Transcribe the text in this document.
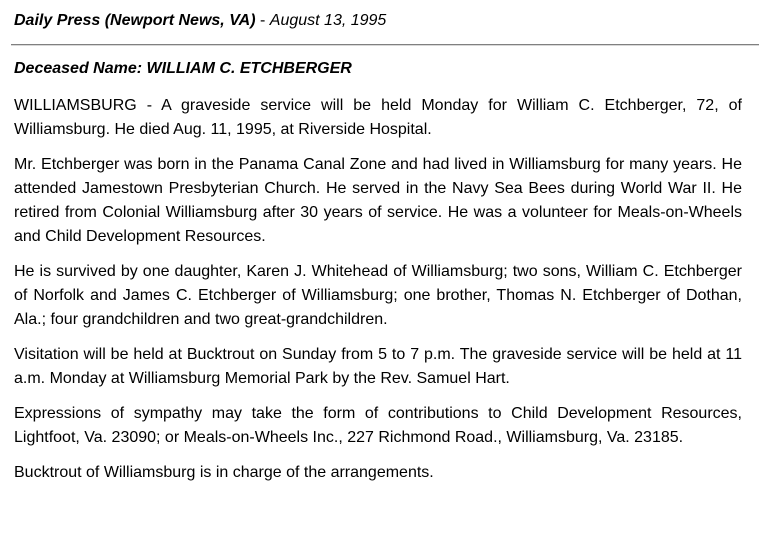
Daily Press (Newport News, VA) - August 13, 1995
Deceased Name: WILLIAM C. ETCHBERGER

WILLIAMSBURG - A graveside service will be held Monday for William C. Etchberger, 72, of Williamsburg. He died Aug. 11, 1995, at Riverside Hospital.

Mr. Etchberger was born in the Panama Canal Zone and had lived in Williamsburg for many years. He attended Jamestown Presbyterian Church. He served in the Navy Sea Bees during World War II. He retired from Colonial Williamsburg after 30 years of service. He was a volunteer for Meals-on-Wheels and Child Development Resources.

He is survived by one daughter, Karen J. Whitehead of Williamsburg; two sons, William C. Etchberger of Norfolk and James C. Etchberger of Williamsburg; one brother, Thomas N. Etchberger of Dothan, Ala.; four grandchildren and two great-grandchildren.

Visitation will be held at Bucktrout on Sunday from 5 to 7 p.m. The graveside service will be held at 11 a.m. Monday at Williamsburg Memorial Park by the Rev. Samuel Hart.

Expressions of sympathy may take the form of contributions to Child Development Resources, Lightfoot, Va. 23090; or Meals-on-Wheels Inc., 227 Richmond Road., Williamsburg, Va. 23185.

Bucktrout of Williamsburg is in charge of the arrangements.
